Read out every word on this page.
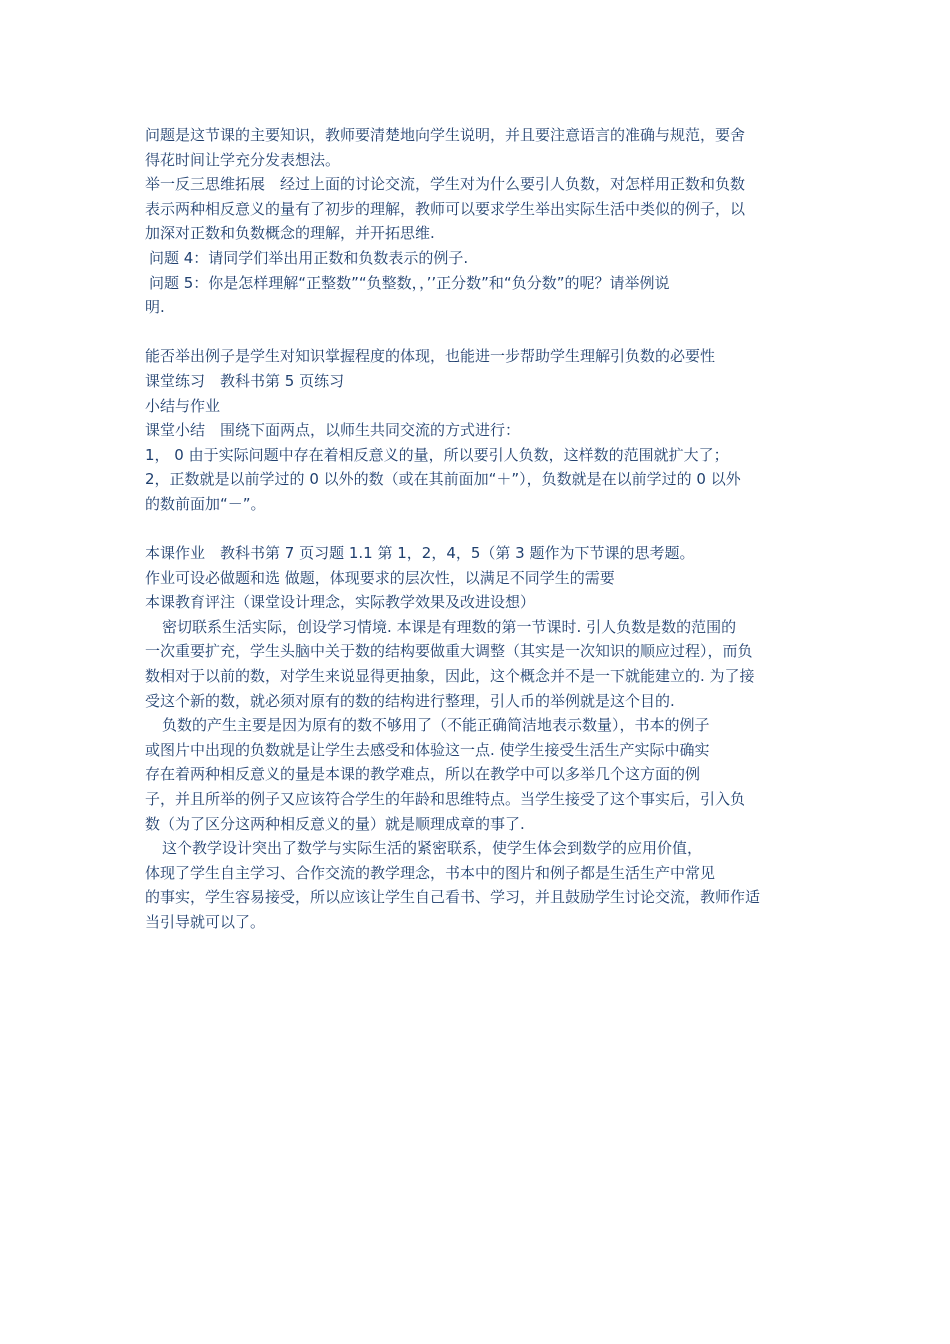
问题是这节课的主要知识，教师要清楚地向学生说明，并且要注意语言的准确与规范，要舍
得花时间让学充分发表想法。
举一反三思维拓展　经过上面的讨论交流，学生对为什么要引人负数，对怎样用正数和负数
表示两种相反意义的量有了初步的理解，教师可以要求学生举出实际生活中类似的例子，以
加深对正数和负数概念的理解，并开拓思维.
问题 4：请同学们举出用正数和负数表示的例子.
问题 5：你是怎样理解“正整数”“负整数，，’’正分数”和“负分数”的呢？请举例说
明.
能否举出例子是学生对知识掌握程度的体现，也能进一步帮助学生理解引负数的必要性
课堂练习　教科书第 5 页练习
小结与作业
课堂小结　围绕下面两点，以师生共同交流的方式进行：
1， 0 由于实际问题中存在着相反意义的量，所以要引人负数，这样数的范围就扩大了；
2，正数就是以前学过的 0 以外的数（或在其前面加“＋”），负数就是在以前学过的 0 以外
的数前面加“－”。
本课作业　教科书第 7 页习题 1.1 第 1，2，4，5（第 3 题作为下节课的思考题。
作业可设必做题和选 做题，体现要求的层次性，以满足不同学生的需要
本课教育评注（课堂设计理念，实际教学效果及改进设想）
密切联系生活实际，创设学习情境. 本课是有理数的第一节课时. 引人负数是数的范围的
一次重要扩充，学生头脑中关于数的结构要做重大调整（其实是一次知识的顺应过程），而负
数相对于以前的数，对学生来说显得更抽象，因此，这个概念并不是一下就能建立的. 为了接
受这个新的数，就必须对原有的数的结构进行整理，引人币的举例就是这个目的.
负数的产生主要是因为原有的数不够用了（不能正确简洁地表示数量），书本的例子
或图片中出现的负数就是让学生去感受和体验这一点. 使学生接受生活生产实际中确实
存在着两种相反意义的量是本课的教学难点，所以在教学中可以多举几个这方面的例
子，并且所举的例子又应该符合学生的年龄和思维特点。当学生接受了这个事实后，引入负
数（为了区分这两种相反意义的量）就是顺理成章的事了.
这个教学设计突出了数学与实际生活的紧密联系，使学生体会到数学的应用价值，
体现了学生自主学习、合作交流的教学理念，书本中的图片和例子都是生活生产中常见
的事实，学生容易接受，所以应该让学生自己看书、学习，并且鼓励学生讨论交流，教师作适
当引导就可以了。
